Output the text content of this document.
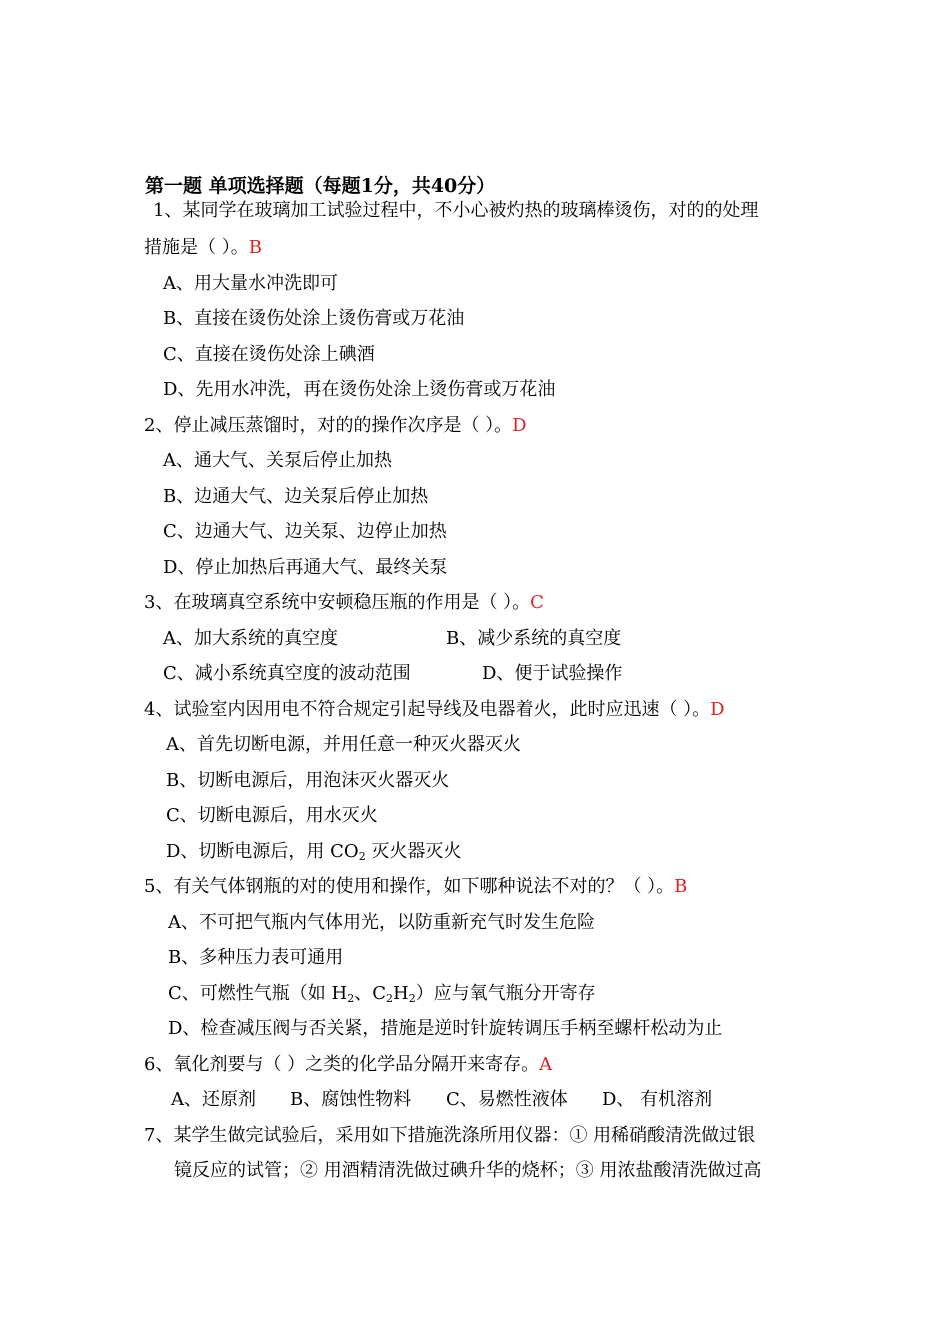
第一题 单项选择题（每题1分，共40分）
1、某同学在玻璃加工试验过程中，不小心被灼热的玻璃棒烫伤，对的的处理
措施是（ ）。B
A、用大量水冲洗即可
B、直接在烫伤处涂上烫伤膏或万花油
C、直接在烫伤处涂上碘酒
D、先用水冲洗，再在烫伤处涂上烫伤膏或万花油
2、停止减压蒸馏时，对的的操作次序是（ ）。D
A、通大气、关泵后停止加热
B、边通大气、边关泵后停止加热
C、边通大气、边关泵、边停止加热
D、停止加热后再通大气、最终关泵
3、在玻璃真空系统中安顿稳压瓶的作用是（ ）。C
A、加大系统的真空度	B、减少系统的真空度
C、减小系统真空度的波动范围	D、便于试验操作
4、试验室内因用电不符合规定引起导线及电器着火，此时应迅速（ ）。D
A、首先切断电源，并用任意一种灭火器灭火
B、切断电源后，用泡沫灭火器灭火
C、切断电源后，用水灭火
D、切断电源后，用 $CO_2$ 灭火器灭火
5、有关气体钢瓶的对的使用和操作，如下哪种说法不对的？（ ）。B
A、不可把气瓶内气体用光，以防重新充气时发生危险
B、多种压力表可通用
C、可燃性气瓶（如 $H_2$、$C_2H_2$）应与氧气瓶分开寄存
D、检查减压阀与否关紧，措施是逆时针旋转调压手柄至螺杆松动为止
6、氧化剂要与（ ）之类的化学品分隔开来寄存。A
A、还原剂 B、腐蚀性物料 C、易燃性液体 D、 有机溶剂
7、某学生做完试验后，采用如下措施洗涤所用仪器：① 用稀硝酸清洗做过银
镜反应的试管；② 用酒精清洗做过碘升华的烧杯；③ 用浓盐酸清洗做过高
